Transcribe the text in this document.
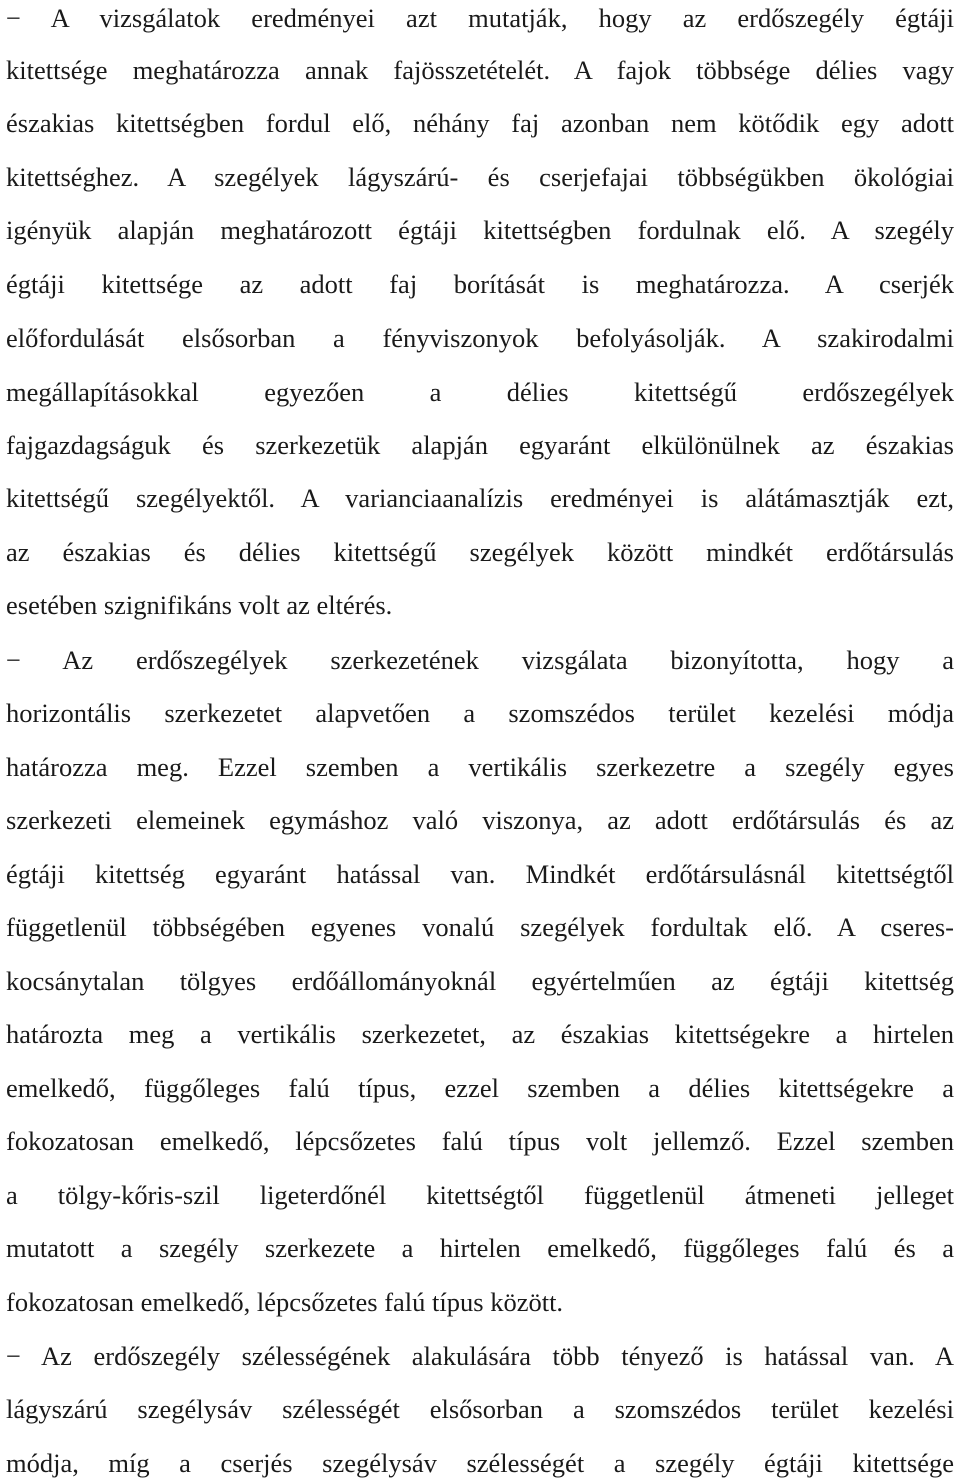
− A vizsgálatok eredményei azt mutatják, hogy az erdőszegély égtáji
kitettsége meghatározza annak fajösszetételét. A fajok többsége délies vagy
északias kitettségben fordul elő, néhány faj azonban nem kötődik egy adott
kitettséghez. A szegélyek lágyszárú- és cserjefajai többségükben ökológiai
igényük alapján meghatározott égtáji kitettségben fordulnak elő. A szegély
égtáji kitettsége az adott faj borítását is meghatározza. A cserjék
előfordulását elsősorban a fényviszonyok befolyásolják. A szakirodalmi
megállapításokkal egyezően a délies kitettségű erdőszegélyek
fajgazdagságuk és szerkezetük alapján egyaránt elkülönülnek az északias
kitettségű szegélyektől. A varianciaanalízis eredményei is alátámasztják ezt,
az északias és délies kitettségű szegélyek között mindkét erdőtársulás
esetében szignifikáns volt az eltérés.
− Az erdőszegélyek szerkezetének vizsgálata bizonyította, hogy a
horizontális szerkezetet alapvetően a szomszédos terület kezelési módja
határozza meg. Ezzel szemben a vertikális szerkezetre a szegély egyes
szerkezeti elemeinek egymáshoz való viszonya, az adott erdőtársulás és az
égtáji kitettség egyaránt hatással van. Mindkét erdőtársulásnál kitettségtől
függetlenül többségében egyenes vonalú szegélyek fordultak elő. A cseres-
kocsánytalan tölgyes erdőállományoknál egyértelműen az égtáji kitettség
határozta meg a vertikális szerkezetet, az északias kitettségekre a hirtelen
emelkedő, függőleges falú típus, ezzel szemben a délies kitettségekre a
fokozatosan emelkedő, lépcsőzetes falú típus volt jellemző. Ezzel szemben
a tölgy-kőris-szil ligeterdőnél kitettségtől függetlenül átmeneti jelleget
mutatott a szegély szerkezete a hirtelen emelkedő, függőleges falú és a
fokozatosan emelkedő, lépcsőzetes falú típus között.
− Az erdőszegély szélességének alakulására több tényező is hatással van. A
lágyszárú szegélysáv szélességét elsősorban a szomszédos terület kezelési
módja, míg a cserjés szegélysáv szélességét a szegély égtáji kitettsége
